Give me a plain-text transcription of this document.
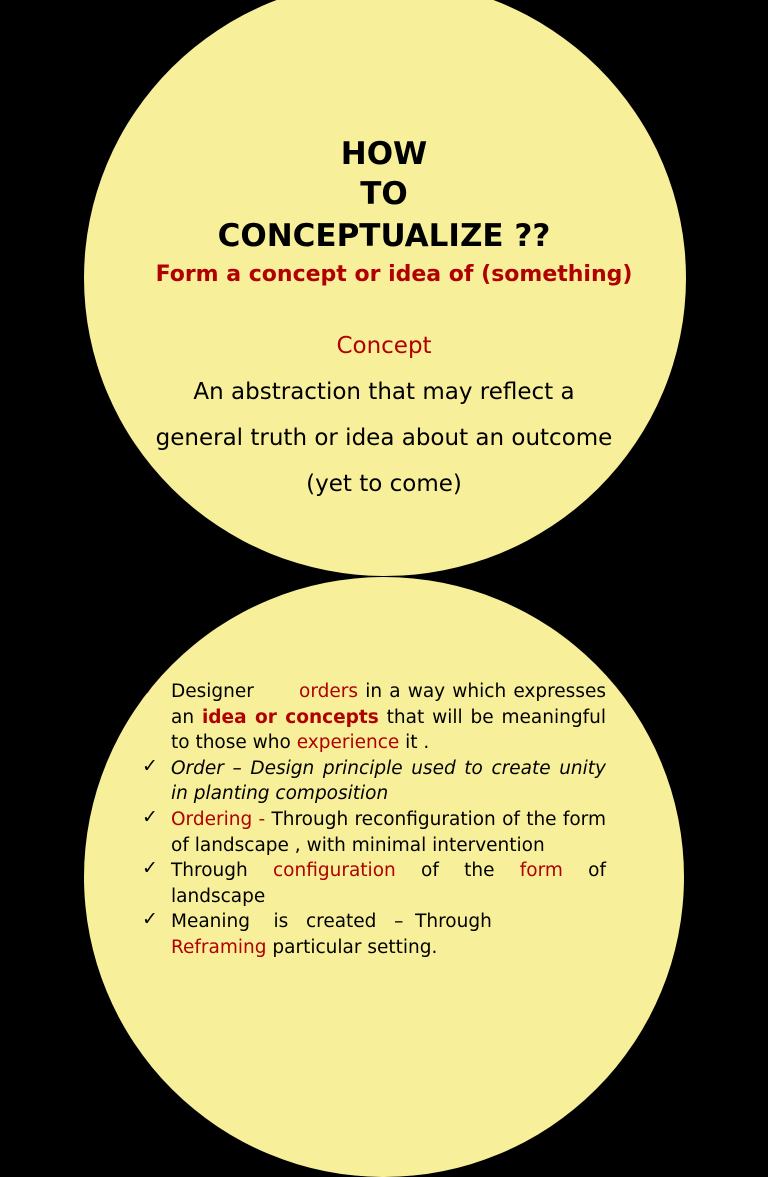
HOW
TO
CONCEPTUALIZE ??
Form a concept or idea of (something)
Concept
An abstraction that may reflect a
general truth or idea about an outcome
(yet to come)
✓ Designer orders in a way which expresses an idea or concepts that will be meaningful to those who experience it .
✓ Order – Design principle used to create unity in planting composition
✓ Ordering - Through reconfiguration of the form of landscape , with minimal intervention
✓ Through configuration of the form of landscape
✓ Meaning    is   created   –  Through
Reframing particular setting.
